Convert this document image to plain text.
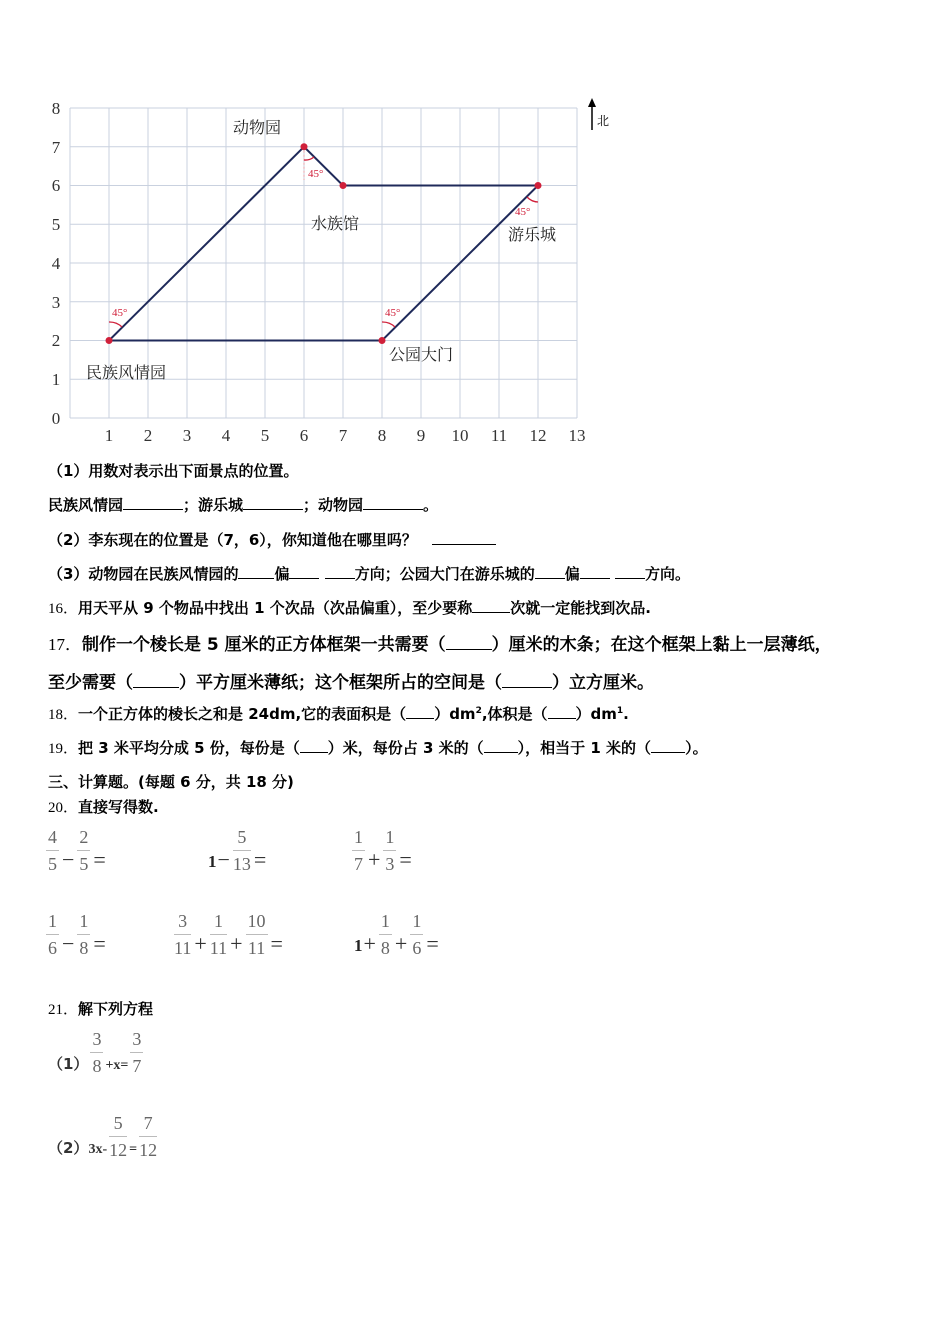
0
1
2
3
4
5
6
7
8
1 2 3 4 5 6 7 8 9 10 11 12 13
45°
45°
45°
45°
动物园
水族馆
游乐城
公园大门
民族风情园
北
（1）用数对表示出下面景点的位置。
民族风情园	；游乐城	；动物园	。
（2）李东现在的位置是（7，6），你知道他在哪里吗？
（3）动物园在民族风情园的 偏	方向；公园大门在游乐城的 偏	方向。
16．用天平从 9 个物品中找出 1 个次品（次品偏重），至少要称	次就一定能找到次品.
17．制作一个棱长是 5 厘米的正方体框架一共需要（	）厘米的木条；在这个框架上黏上一层薄纸，
至少需要（	）平方厘米薄纸；这个框架所占的空间是（	）立方厘米。
18．一个正方体的棱长之和是 24dm,它的表面积是（ ）$dm^2$,体积是（ ）$dm^1$.
19．把 3 米平均分成 5 份，每份是（ ）米，每份占 3 米的（ ），相当于 1 米的（ ）。
三、计算题。(每题 6 分，共 18 分)
20．直接写得数.
$\frac{4}{5} - \frac{2}{5}$ =	$_1- \frac{5}{13}$ =	$\frac{1}{7} + \frac{1}{3}$ =
$\frac{1}{6} - \frac{1}{8}$ =	$\frac{3}{11} + \frac{1}{11} + \frac{10}{11}$ =	$_1+ \frac{1}{8} + \frac{1}{6}$ =
21．解下列方程
$_{(1)} \frac{3}{8} _{+x=} \frac{3}{7}$
$_{(2)3x-} \frac{5}{12} _= \frac{7}{12}$
